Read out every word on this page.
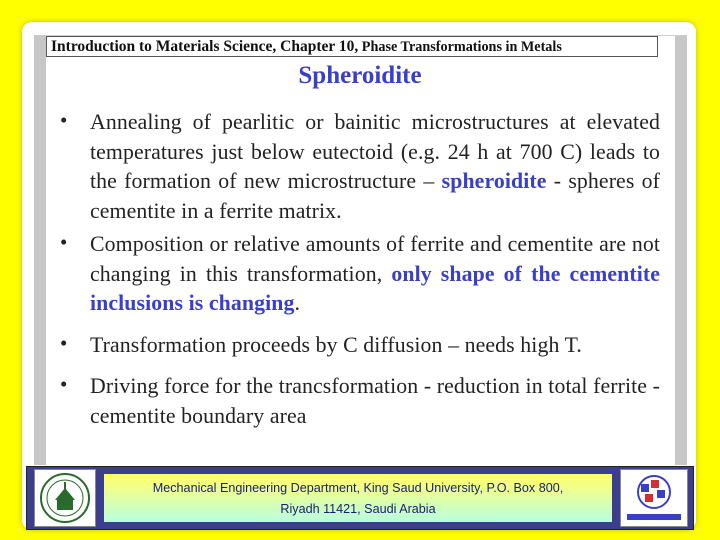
Introduction to Materials Science, Chapter 10, Phase Transformations in Metals
Spheroidite
• Annealing of pearlitic or bainitic microstructures at elevated temperatures just below eutectoid (e.g. 24 h at 700 C) leads to the formation of new microstructure – spheroidite - spheres of cementite in a ferrite matrix.
• Composition or relative amounts of ferrite and cementite are not changing in this transformation, only shape of the cementite inclusions is changing.
• Transformation proceeds by C diffusion – needs high T.
• Driving force for the trancsformation - reduction in total ferrite - cementite boundary area
Mechanical Engineering Department, King Saud University, P.O. Box 800,
Riyadh 11421, Saudi Arabia
